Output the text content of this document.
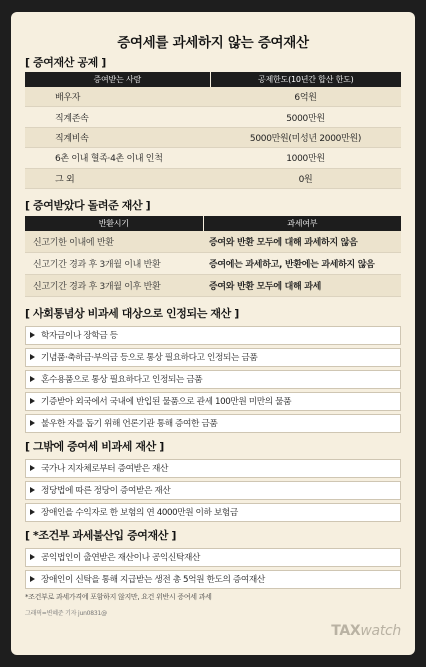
증여세를 과세하지 않는 증여재산
[ 증여재산 공제 ]
증여받는 사람	공제한도(10년간 합산 한도)
배우자	6억원
직계존속	5000만원
직계비속	5000만원(미성년 2000만원)
6촌 이내 혈족·4촌 이내 인척	1000만원
그 외	0원
[ 증여받았다 돌려준 재산 ]
반환시기	과세여부
신고기한 이내에 반환	증여와 반환 모두에 대해 과세하지 않음
신고기간 경과 후 3개월 이내 반환	증여에는 과세하고, 반환에는 과세하지 않음
신고기간 경과 후 3개월 이후 반환	증여와 반환 모두에 대해 과세
[ 사회통념상 비과세 대상으로 인정되는 재산 ]
학자금이나 장학금 등
기념품·축하금·부의금 등으로 통상 필요하다고 인정되는 금품
혼수용품으로 통상 필요하다고 인정되는 금품
기증받아 외국에서 국내에 반입된 물품으로 관세 100만원 미만의 물품
불우한 자를 돕기 위해 언론기관 통해 증여한 금품
[ 그밖에 증여세 비과세 재산 ]
국가나 지자체로부터 증여받은 재산
정당법에 따른 정당이 증여받은 재산
장애인을 수익자로 한 보험의 연 4000만원 이하 보험금
[ *조건부 과세불산입 증여재산 ]
공익법인이 출연받은 재산이나 공익신탁재산
장애인이 신탁을 통해 지급받는 생전 총 5억원 한도의 증여재산
*조건부로 과세가격에 포함하지 않지만, 요건 위반시 증여세 과세
그래픽=변혜준 기자 jun0831@
TAXwatch
